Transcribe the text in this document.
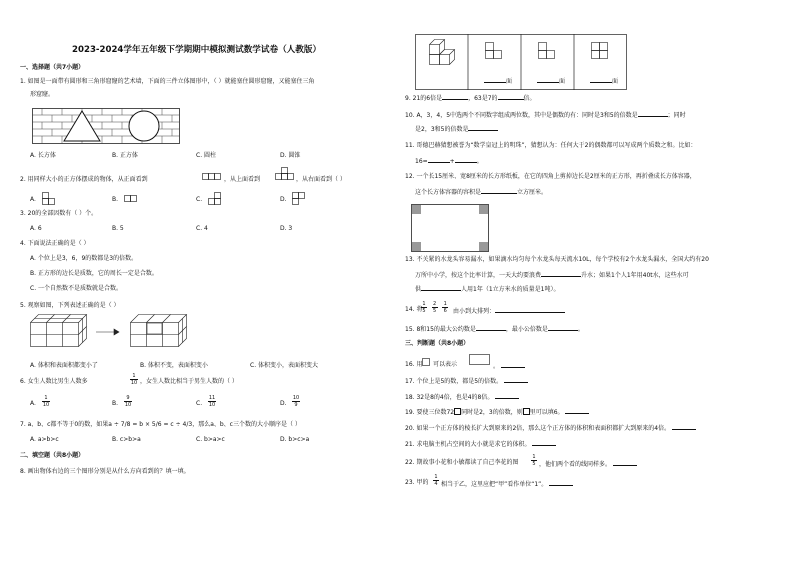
2023-2024学年五年级下学期期中模拟测试数学试卷（人教版）
一、选择题（共7小题）
1. 如图是一面带有圆形和三角形窟窿的艺术墙，下面的三件立体图形中，（ ）就能塞住圆形窟窿，又能塞住三角
形窟窿。
A. 长方体	B. 正方体	C. 圆柱	D. 圆锥
2. 用同样大小的正方体摆成的物体，从正面看到	，从上面看到	，从右面看到（ ）
A.	B.	C.	D.
3. 20的全部因数有（ ）个。
A. 6	B. 5	C. 4	D. 3
4. 下面说法正确的是（ ）
A. 个位上是3，6，9的数都是3的倍数。
B. 正方形的边长是质数，它的周长一定是合数。
C. 一个自然数不是质数就是合数。
5. 观察如图，下列表述正确的是（ ）
A. 体积和表面积都变小了	B. 体积不变，表面积变小	C. 体积变小，表面积变大
6. 女生人数比男生人数多	$\frac{1}{10}$ ，女生人数比相当于男生人数的（ ）
A. $\frac{1}{10}$	B. $\frac{9}{10}$	C. $\frac{11}{10}$	D. $\frac{10}{9}$
7. a、b、c都不等于0的数，如果a ÷ 7/8 = b × 5/6 = c ÷ 4/3，那么a、b、c三个数的大小顺序是（ ）
A. a>b>c	B. c>b>a	C. b>a>c	D. b>c>a
二、填空题（共8小题）
8. 画出物体右边的三个图形分别是从什么方向看到的？填一填。
面	面	面
9. 21的6倍是	，63是7的	倍。
10. A，3，4，5中选两个不同数字组成两位数，其中是偶数的有：同时是3和5的倍数是	；同时
是2，3和5的倍数是
11. 哥德巴赫猜想被誉为“数学皇冠上的明珠”，猜想认为：任何大于2的偶数都可以写成两个质数之和。比如：
16=	+	。
12. 一个长15厘米、宽8厘米的长方形纸板，在它的四角上剪掉边长是2厘米的正方形，再折叠成长方体容器，
这个长方体容器的容积是	立方厘米。
13. 不关紧的水龙头容易漏水，如果滴水均匀每个水龙头每天流水10L，每个学校有2个水龙头漏水，全国大约有20
万所中小学，按这个比率计算，一天大约要浪费	升水；如果1个人1年用40t水，这些水可
供	人用1年（1立方米水的质量是1吨）。
14. 将
$\frac{1}{5}$
$\frac{2}{5}$
$\frac{1}{6}$ 由小到大排列：
15. 8和15的最大公约数是	，最小公倍数是	。
三、判断题（共8小题）
16. 用 可以表示	。
17. 个位上是5的数，都是5的倍数。
18. 32是8的4倍，也是4的8倍。
19. 要使三位数72 同时是2，3的倍数，则 里可以填6。
20. 如果一个正方体的棱长扩大到原来的2倍，那么这个正方体的体积和表面积都扩大到原来的4倍。
21. 求电脑主机占空间的大小就是求它的体积。
22. 期故事小花和小敏都读了自己李花的图	$\frac{1}{5}$ ，他们两个看的线同样多。
23. 甲的 $\frac{1}{4}$ 相当于乙，这里应把“甲”看作单位“1”。
